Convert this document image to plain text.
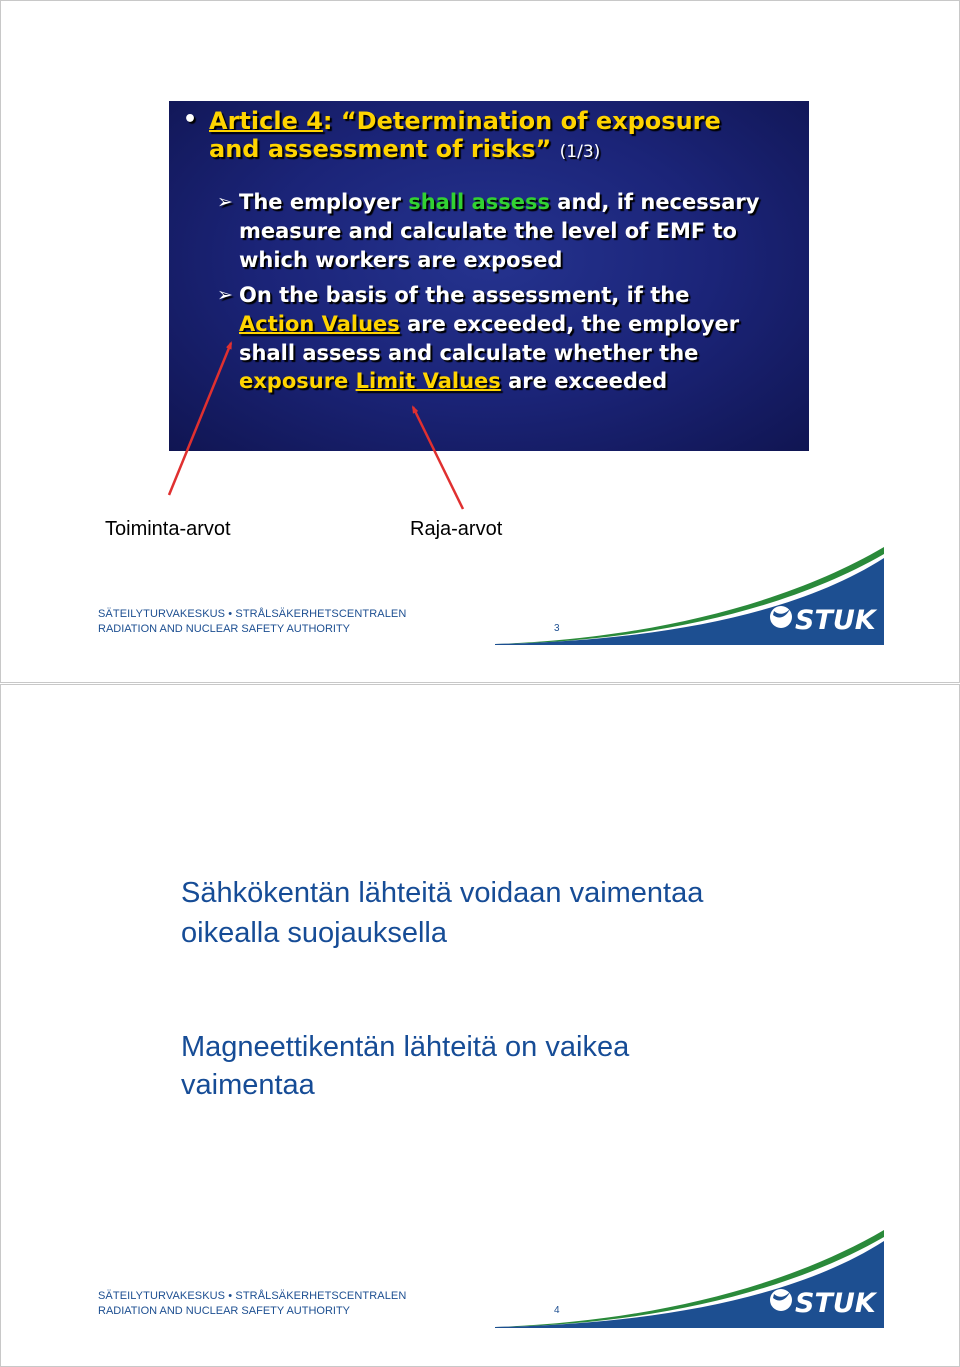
• Article 4: “Determination of exposure
and assessment of risks” (1/3)
➢ The employer shall assess and, if necessary
measure and calculate the level of EMF to
which workers are exposed
➢ On the basis of the assessment, if the
Action Values are exceeded, the employer
shall assess and calculate whether the
exposure Limit Values are exceeded
Toiminta-arvot	Raja-arvot
SÄTEILYTURVAKESKUS • STRÅLSÄKERHETSCENTRALEN
RADIATION AND NUCLEAR SAFETY AUTHORITY	3	STUK
Sähkökentän lähteitä voidaan vaimentaa
oikealla suojauksella
Magneettikentän lähteitä on vaikea
vaimentaa
SÄTEILYTURVAKESKUS • STRÅLSÄKERHETSCENTRALEN
RADIATION AND NUCLEAR SAFETY AUTHORITY	4	STUK
